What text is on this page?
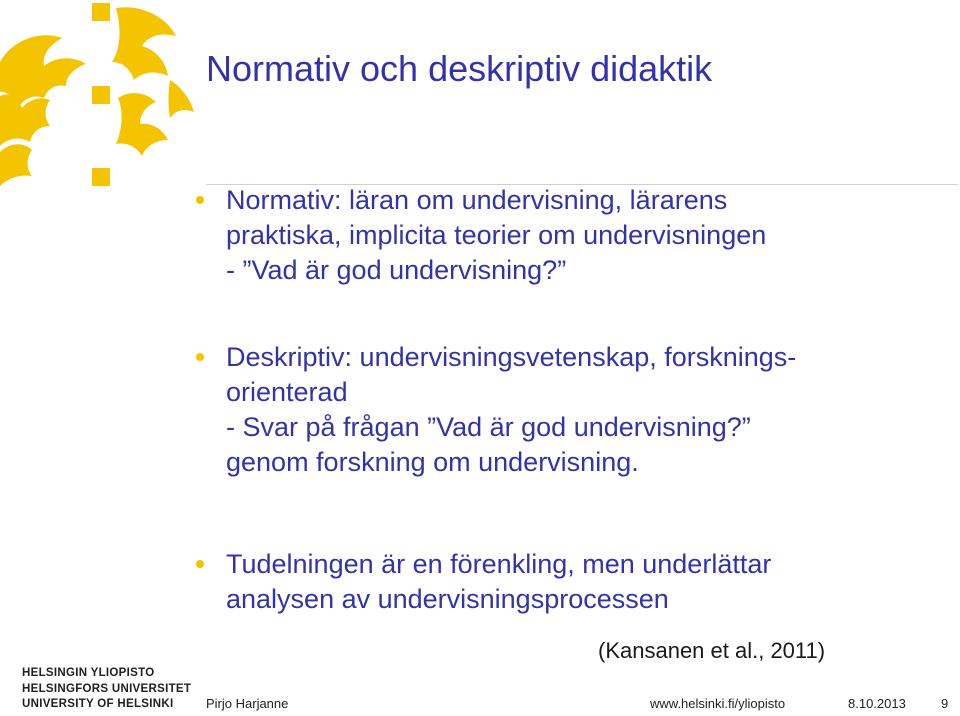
Normativ och deskriptiv didaktik
Normativ: läran om undervisning, lärarens
praktiska, implicita teorier om undervisningen
- ”Vad är god undervisning?”
Deskriptiv: undervisningsvetenskap, forsknings-
orienterad
- Svar på frågan ”Vad är god undervisning?”
genom forskning om undervisning.
Tudelningen är en förenkling, men underlättar
analysen av undervisningsprocessen
(Kansanen et al., 2011)
HELSINGIN YLIOPISTO
HELSINGFORS UNIVERSITET
UNIVERSITY OF HELSINKI	Pirjo Harjanne	www.helsinki.fi/yliopisto	8.10.2013	9
